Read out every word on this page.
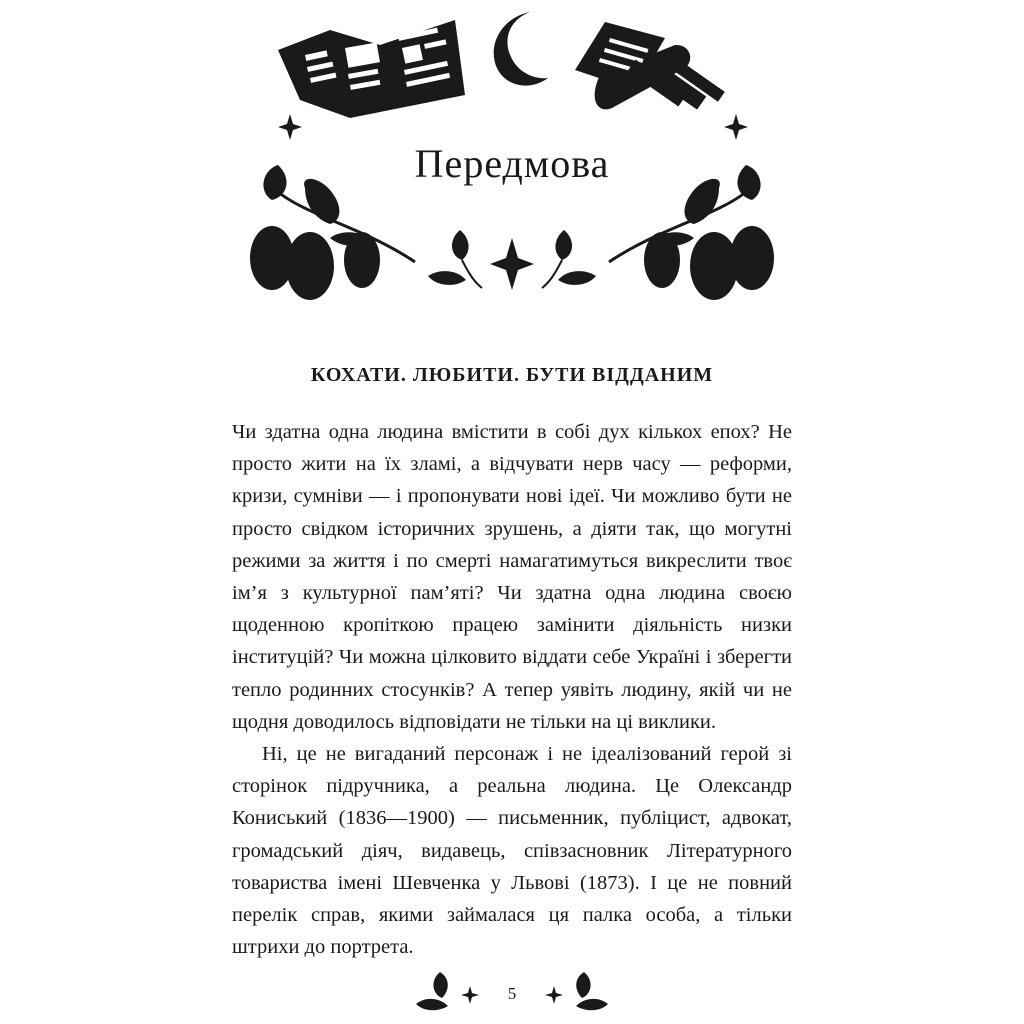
Передмова
КОХАТИ. ЛЮБИТИ. БУТИ ВІДДАНИМ

Чи здатна одна людина вмістити в собі дух кількох епох? Не просто жити на їх зламі, а відчувати нерв часу — реформи, кризи, сумніви — і пропонувати нові ідеї. Чи можливо бути не просто свідком історичних зрушень, а діяти так, що могутні режими за життя і по смерті намагатимуться викреслити твоє ім’я з культурної пам’яті? Чи здатна одна людина своєю щоденною кропіткою працею замінити діяльність низки інституцій? Чи можна цілковито віддати себе Україні і зберегти тепло родинних стосунків? А тепер уявіть людину, якій чи не щодня доводилось відповідати не тільки на ці виклики.

Ні, це не вигаданий персонаж і не ідеалізований герой зі сторінок підручника, а реальна людина. Це Олександр Кониський (1836—1900) — письменник, публіцист, адвокат, громадський діяч, видавець, співзасновник Літературного товариства імені Шевченка у Львові (1873). І це не повний перелік справ, якими займалася ця палка особа, а тільки штрихи до портрета.

5
